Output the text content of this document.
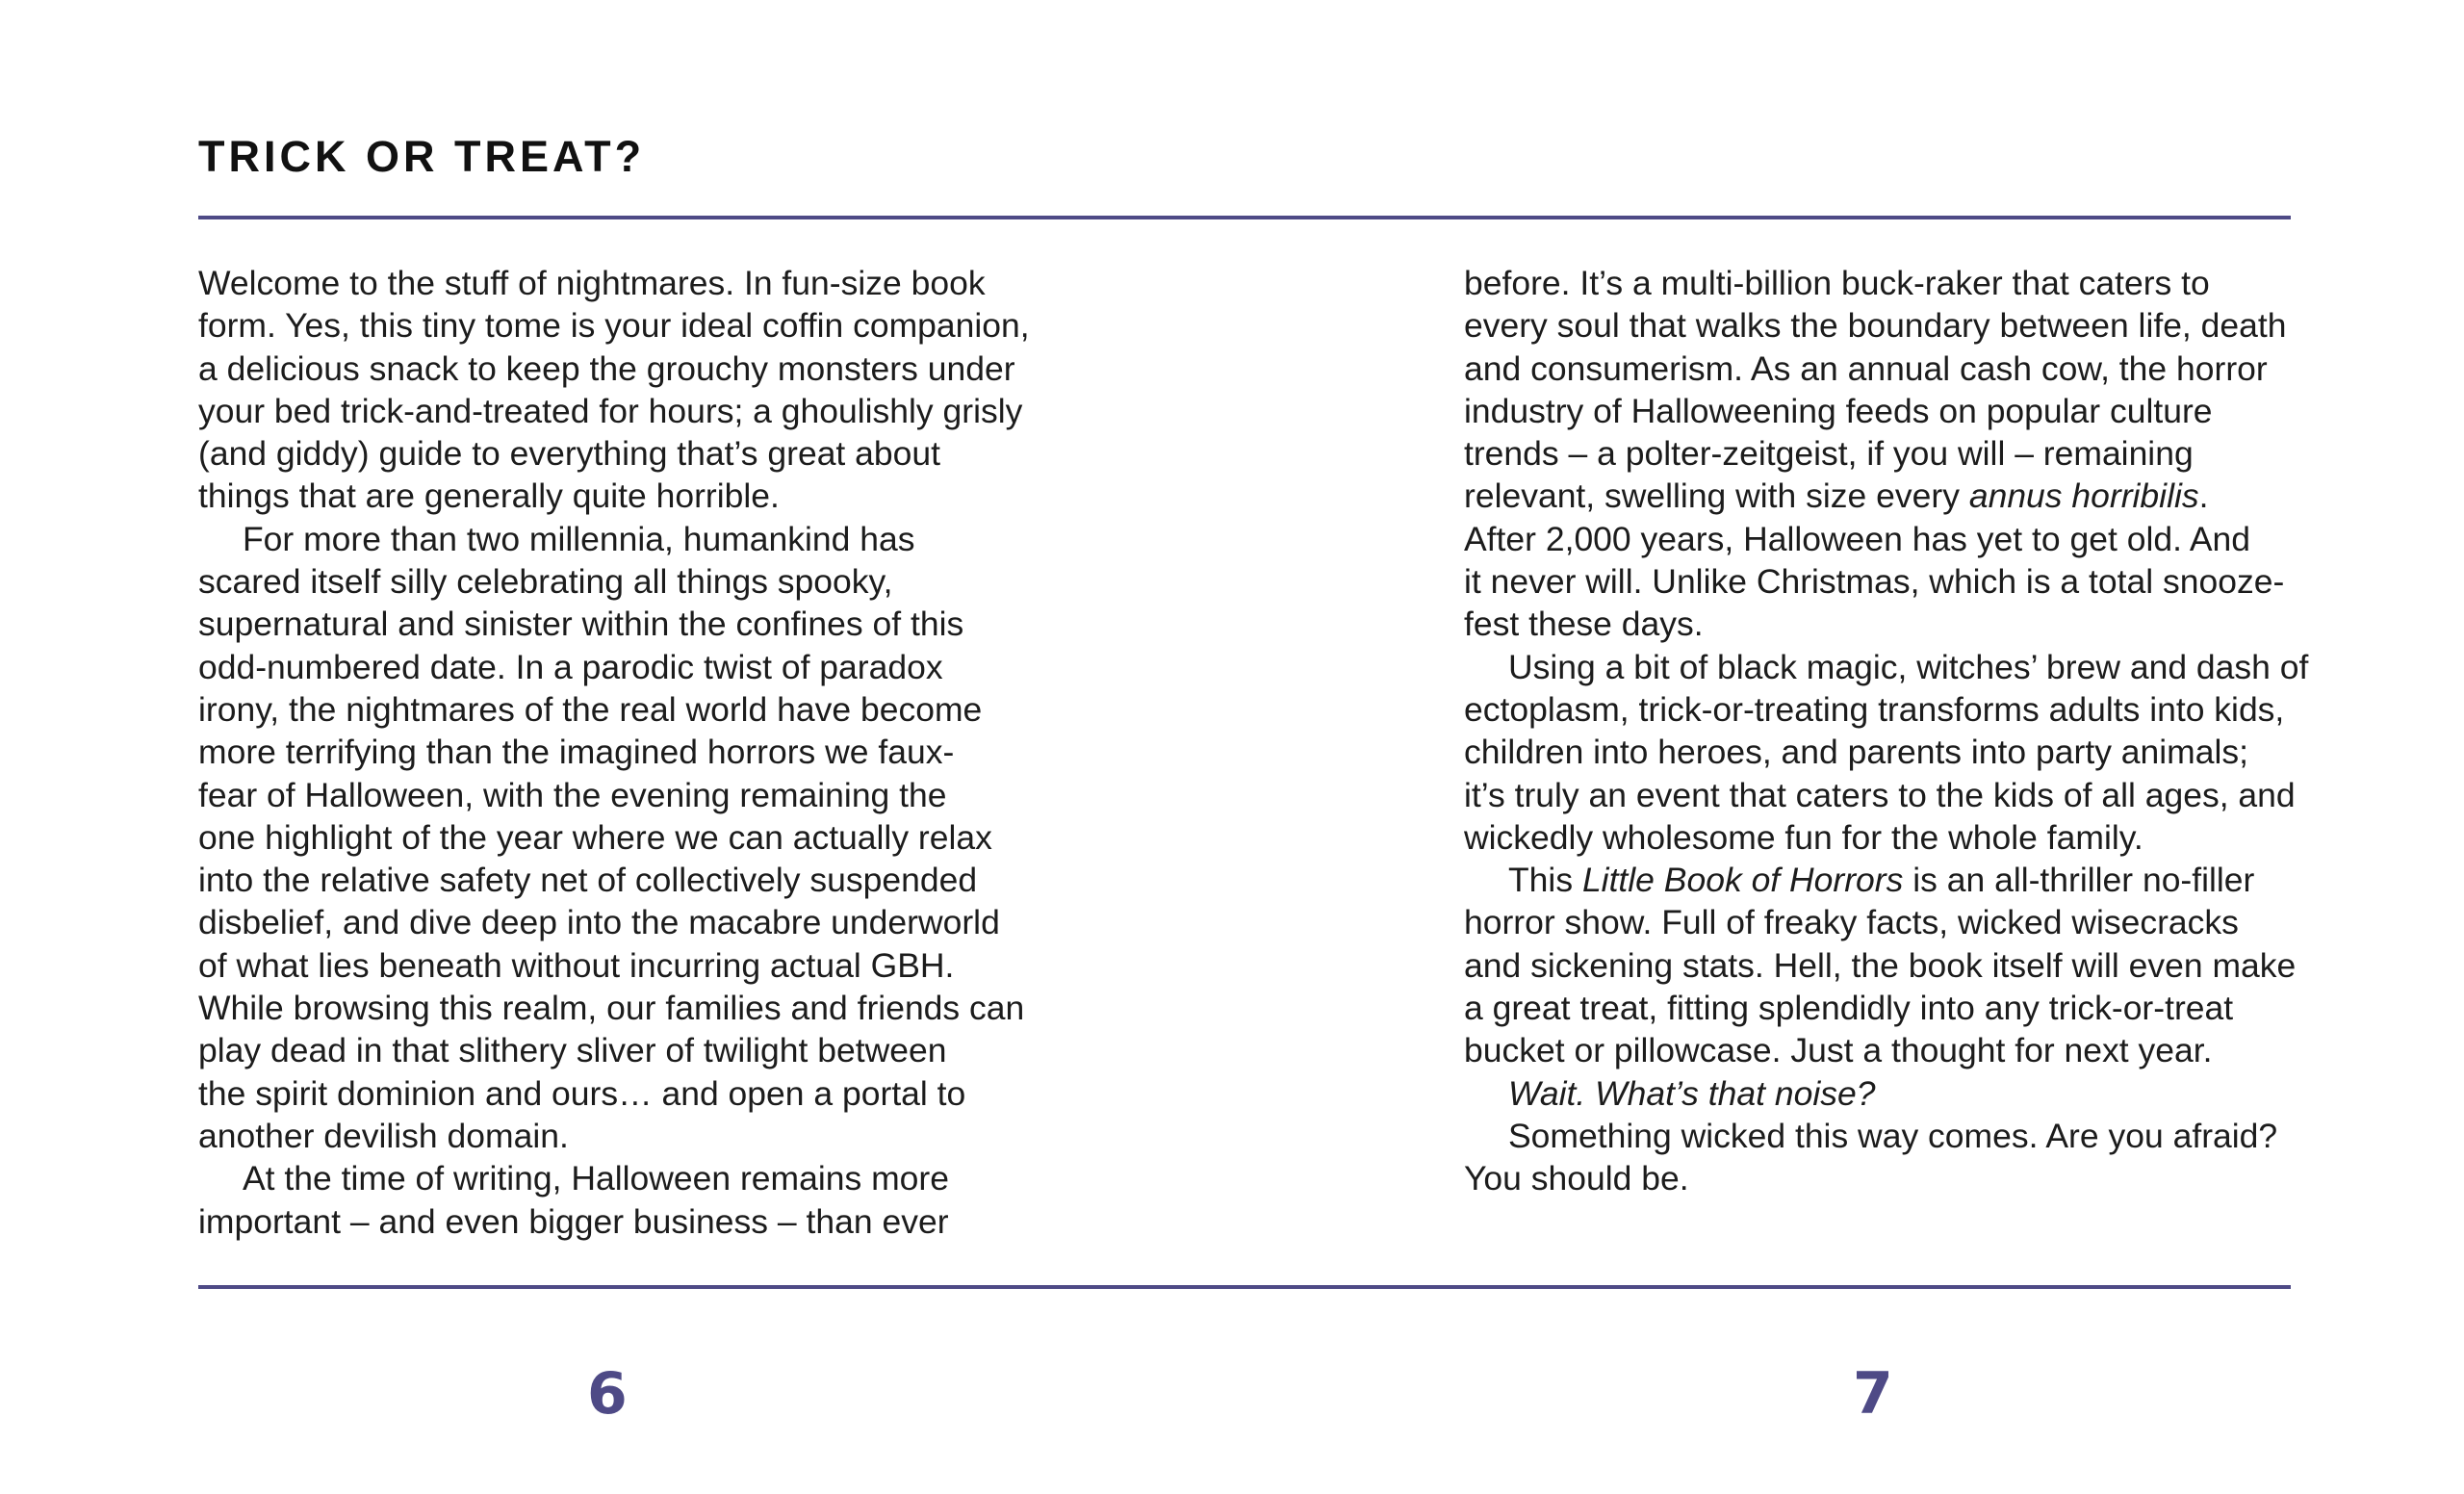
TRICK OR TREAT?
Welcome to the stuff of nightmares. In fun-size book
form. Yes, this tiny tome is your ideal coffin companion,
a delicious snack to keep the grouchy monsters under
your bed trick-and-treated for hours; a ghoulishly grisly
(and giddy) guide to everything that’s great about
things that are generally quite horrible.
For more than two millennia, humankind has
scared itself silly celebrating all things spooky,
supernatural and sinister within the confines of this
odd-numbered date. In a parodic twist of paradox
irony, the nightmares of the real world have become
more terrifying than the imagined horrors we faux-
fear of Halloween, with the evening remaining the
one highlight of the year where we can actually relax
into the relative safety net of collectively suspended
disbelief, and dive deep into the macabre underworld
of what lies beneath without incurring actual GBH.
While browsing this realm, our families and friends can
play dead in that slithery sliver of twilight between
the spirit dominion and ours… and open a portal to
another devilish domain.
At the time of writing, Halloween remains more
important – and even bigger business – than ever
before. It’s a multi-billion buck-raker that caters to
every soul that walks the boundary between life, death
and consumerism. As an annual cash cow, the horror
industry of Halloweening feeds on popular culture
trends – a polter-zeitgeist, if you will – remaining
relevant, swelling with size every annus horribilis.
After 2,000 years, Halloween has yet to get old. And
it never will. Unlike Christmas, which is a total snooze-
fest these days.
Using a bit of black magic, witches’ brew and dash of
ectoplasm, trick-or-treating transforms adults into kids,
children into heroes, and parents into party animals;
it’s truly an event that caters to the kids of all ages, and
wickedly wholesome fun for the whole family.
This Little Book of Horrors is an all-thriller no-filler
horror show. Full of freaky facts, wicked wisecracks
and sickening stats. Hell, the book itself will even make
a great treat, fitting splendidly into any trick-or-treat
bucket or pillowcase. Just a thought for next year.
Wait. What’s that noise?
Something wicked this way comes. Are you afraid?
You should be.
6	7
